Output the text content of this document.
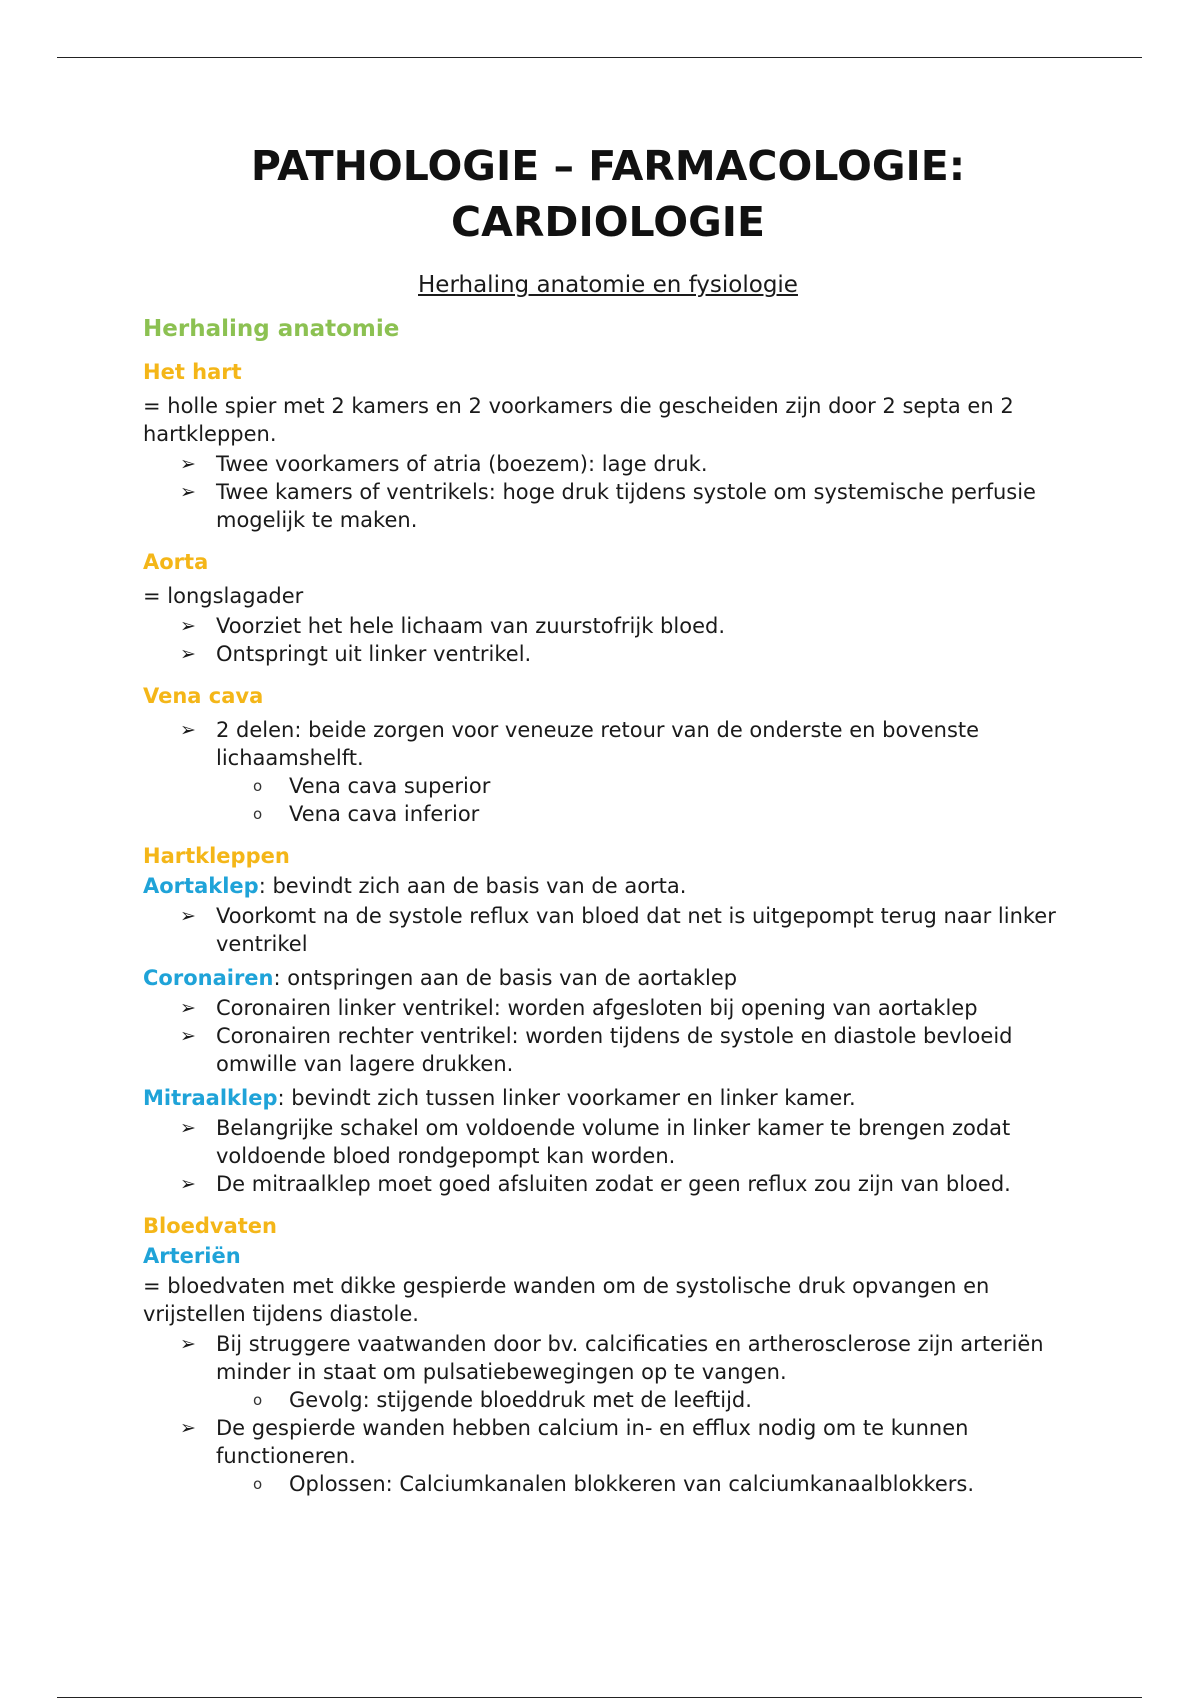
PATHOLOGIE – FARMACOLOGIE:
CARDIOLOGIE
Herhaling anatomie en fysiologie
Herhaling anatomie
Het hart
= holle spier met 2 kamers en 2 voorkamers die gescheiden zijn door 2 septa en 2 hartkleppen.
➢ Twee voorkamers of atria (boezem): lage druk.
➢ Twee kamers of ventrikels: hoge druk tijdens systole om systemische perfusie mogelijk te maken.
Aorta
= longslagader
➢ Voorziet het hele lichaam van zuurstofrijk bloed.
➢ Ontspringt uit linker ventrikel.
Vena cava
➢ 2 delen: beide zorgen voor veneuze retour van de onderste en bovenste lichaamshelft.
o Vena cava superior
o Vena cava inferior
Hartkleppen
Aortaklep: bevindt zich aan de basis van de aorta.
➢ Voorkomt na de systole reflux van bloed dat net is uitgepompt terug naar linker ventrikel
Coronairen: ontspringen aan de basis van de aortaklep
➢ Coronairen linker ventrikel: worden afgesloten bij opening van aortaklep
➢ Coronairen rechter ventrikel: worden tijdens de systole en diastole bevloeid omwille van lagere drukken.
Mitraalklep: bevindt zich tussen linker voorkamer en linker kamer.
➢ Belangrijke schakel om voldoende volume in linker kamer te brengen zodat voldoende bloed rondgepompt kan worden.
➢ De mitraalklep moet goed afsluiten zodat er geen reflux zou zijn van bloed.
Bloedvaten
Arteriën
= bloedvaten met dikke gespierde wanden om de systolische druk opvangen en vrijstellen tijdens diastole.
➢ Bij struggere vaatwanden door bv. calcificaties en artherosclerose zijn arteriën minder in staat om pulsatiebewegingen op te vangen.
o Gevolg: stijgende bloeddruk met de leeftijd.
➢ De gespierde wanden hebben calcium in- en efflux nodig om te kunnen functioneren.
o Oplossen: Calciumkanalen blokkeren van calciumkanaalblokkers.
